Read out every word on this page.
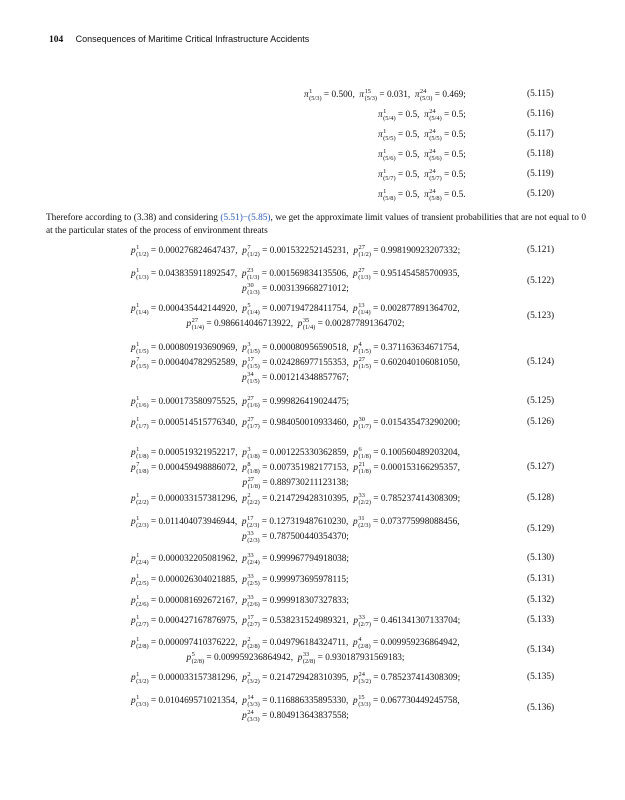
104 Consequences of Maritime Critical Infrastructure Accidents
π 1
(5/3) = 0.500,  π 15
(5/3) = 0.031,  π 24
(5/3) = 0.469;	(5.115)
π 1
(5/4) = 0.5,  π 24
(5/4) = 0.5;	(5.116)
π 1
(5/5) = 0.5,  π 24
(5/5) = 0.5;	(5.117)
π 1
(5/6) = 0.5,  π 24
(5/6) = 0.5;	(5.118)
π 1
(5/7) = 0.5,  π 24
(5/7) = 0.5;	(5.119)
π 1
(5/8) = 0.5,  π 24
(5/8) = 0.5.	(5.120)
Therefore according to (3.38) and considering (5.51)−(5.85), we get the approximate limit values of transient probabilities that are not equal to 0 at the particular states of the process of environment threats
p 1
(1/2) = 0.000276824647437,  p 7
(1/2) = 0.001532252145231,  p 27
(1/2) = 0.998190923207332;	(5.121)
p 1
(1/3) = 0.043835911892547,  p 23
(1/3) = 0.001569834135506,  p 27
(1/3) = 0.951454585700935,
p 30
(1/3) = 0.003139668271012;
(5.122)
p 1
(1/4) = 0.000435442144920,  p 5
(1/4) = 0.007194728411754,  p 13
(1/4) = 0.002877891364702,
p 27
(1/4) = 0.986614046713922,  p 35
(1/4) = 0.002877891364702;
(5.123)
p 1
(1/5) = 0.000809193690969,  p 3
(1/5) = 0.000080956590518,  p 4
(1/5) = 0.371163634671754,
p 7
(1/5) = 0.000404782952589,  p 17
(1/5) = 0.024286977155353,  p 27
(1/5) = 0.602040106081050,
p 34
(1/5) = 0.001214348857767;
(5.124)
p 1
(1/6) = 0.000173580975525,  p 27
(1/6) = 0.999826419024475;	(5.125)
p 1
(1/7) = 0.000514515776340,  p 27
(1/7) = 0.984050010933460,  p 30
(1/7) = 0.015435473290200;	(5.126)
p 1
(1/8) = 0.000519321952217,  p 3
(1/8) = 0.001225330362859,  p 6
(1/8) = 0.100560489203204,
p 7
(1/8) = 0.000459498886072,  p 8
(1/8) = 0.007351982177153,  p 21
(1/8) = 0.000153166295357,
p 27
(1/8) = 0.889730211123138;
(5.127)
p 1
(2/2) = 0.000033157381296,  p 2
(2/2) = 0.214729428310395,  p 33
(2/2) = 0.785237414308309;	(5.128)
p 1
(2/3) = 0.011404073946944,  p 17
(2/3) = 0.127319487610230,  p 31
(2/3) = 0.073775998088456,
p 33
(2/3) = 0.787500440354370;
(5.129)
p 1
(2/4) = 0.000032205081962,  p 33
(2/4) = 0.999967794918038;	(5.130)
p 1
(2/5) = 0.000026304021885,  p 33
(2/5) = 0.999973695978115;	(5.131)
p 1
(2/6) = 0.000081692672167,  p 33
(2/6) = 0.999918307327833;	(5.132)
p 1
(2/7) = 0.000427167876975,  p 17
(2/7) = 0.538231524989321,  p 33
(2/7) = 0.461341307133704;	(5.133)
p 1
(2/8) = 0.000097410376222,  p 2
(2/8) = 0.049796184324711,  p 4
(2/8) = 0.009959236864942,
p 5
(2/8) = 0.009959236864942,  p 33
(2/8) = 0.930187931569183;
(5.134)
p 1
(3/2) = 0.000033157381296,  p 2
(3/2) = 0.214729428310395,  p 24
(3/2) = 0.785237414308309;	(5.135)
p 1
(3/3) = 0.010469571021354,  p 14
(3/3) = 0.116886335895330,  p 15
(3/3) = 0.067730449245758,
p 24
(3/3) = 0.804913643837558;
(5.136)
